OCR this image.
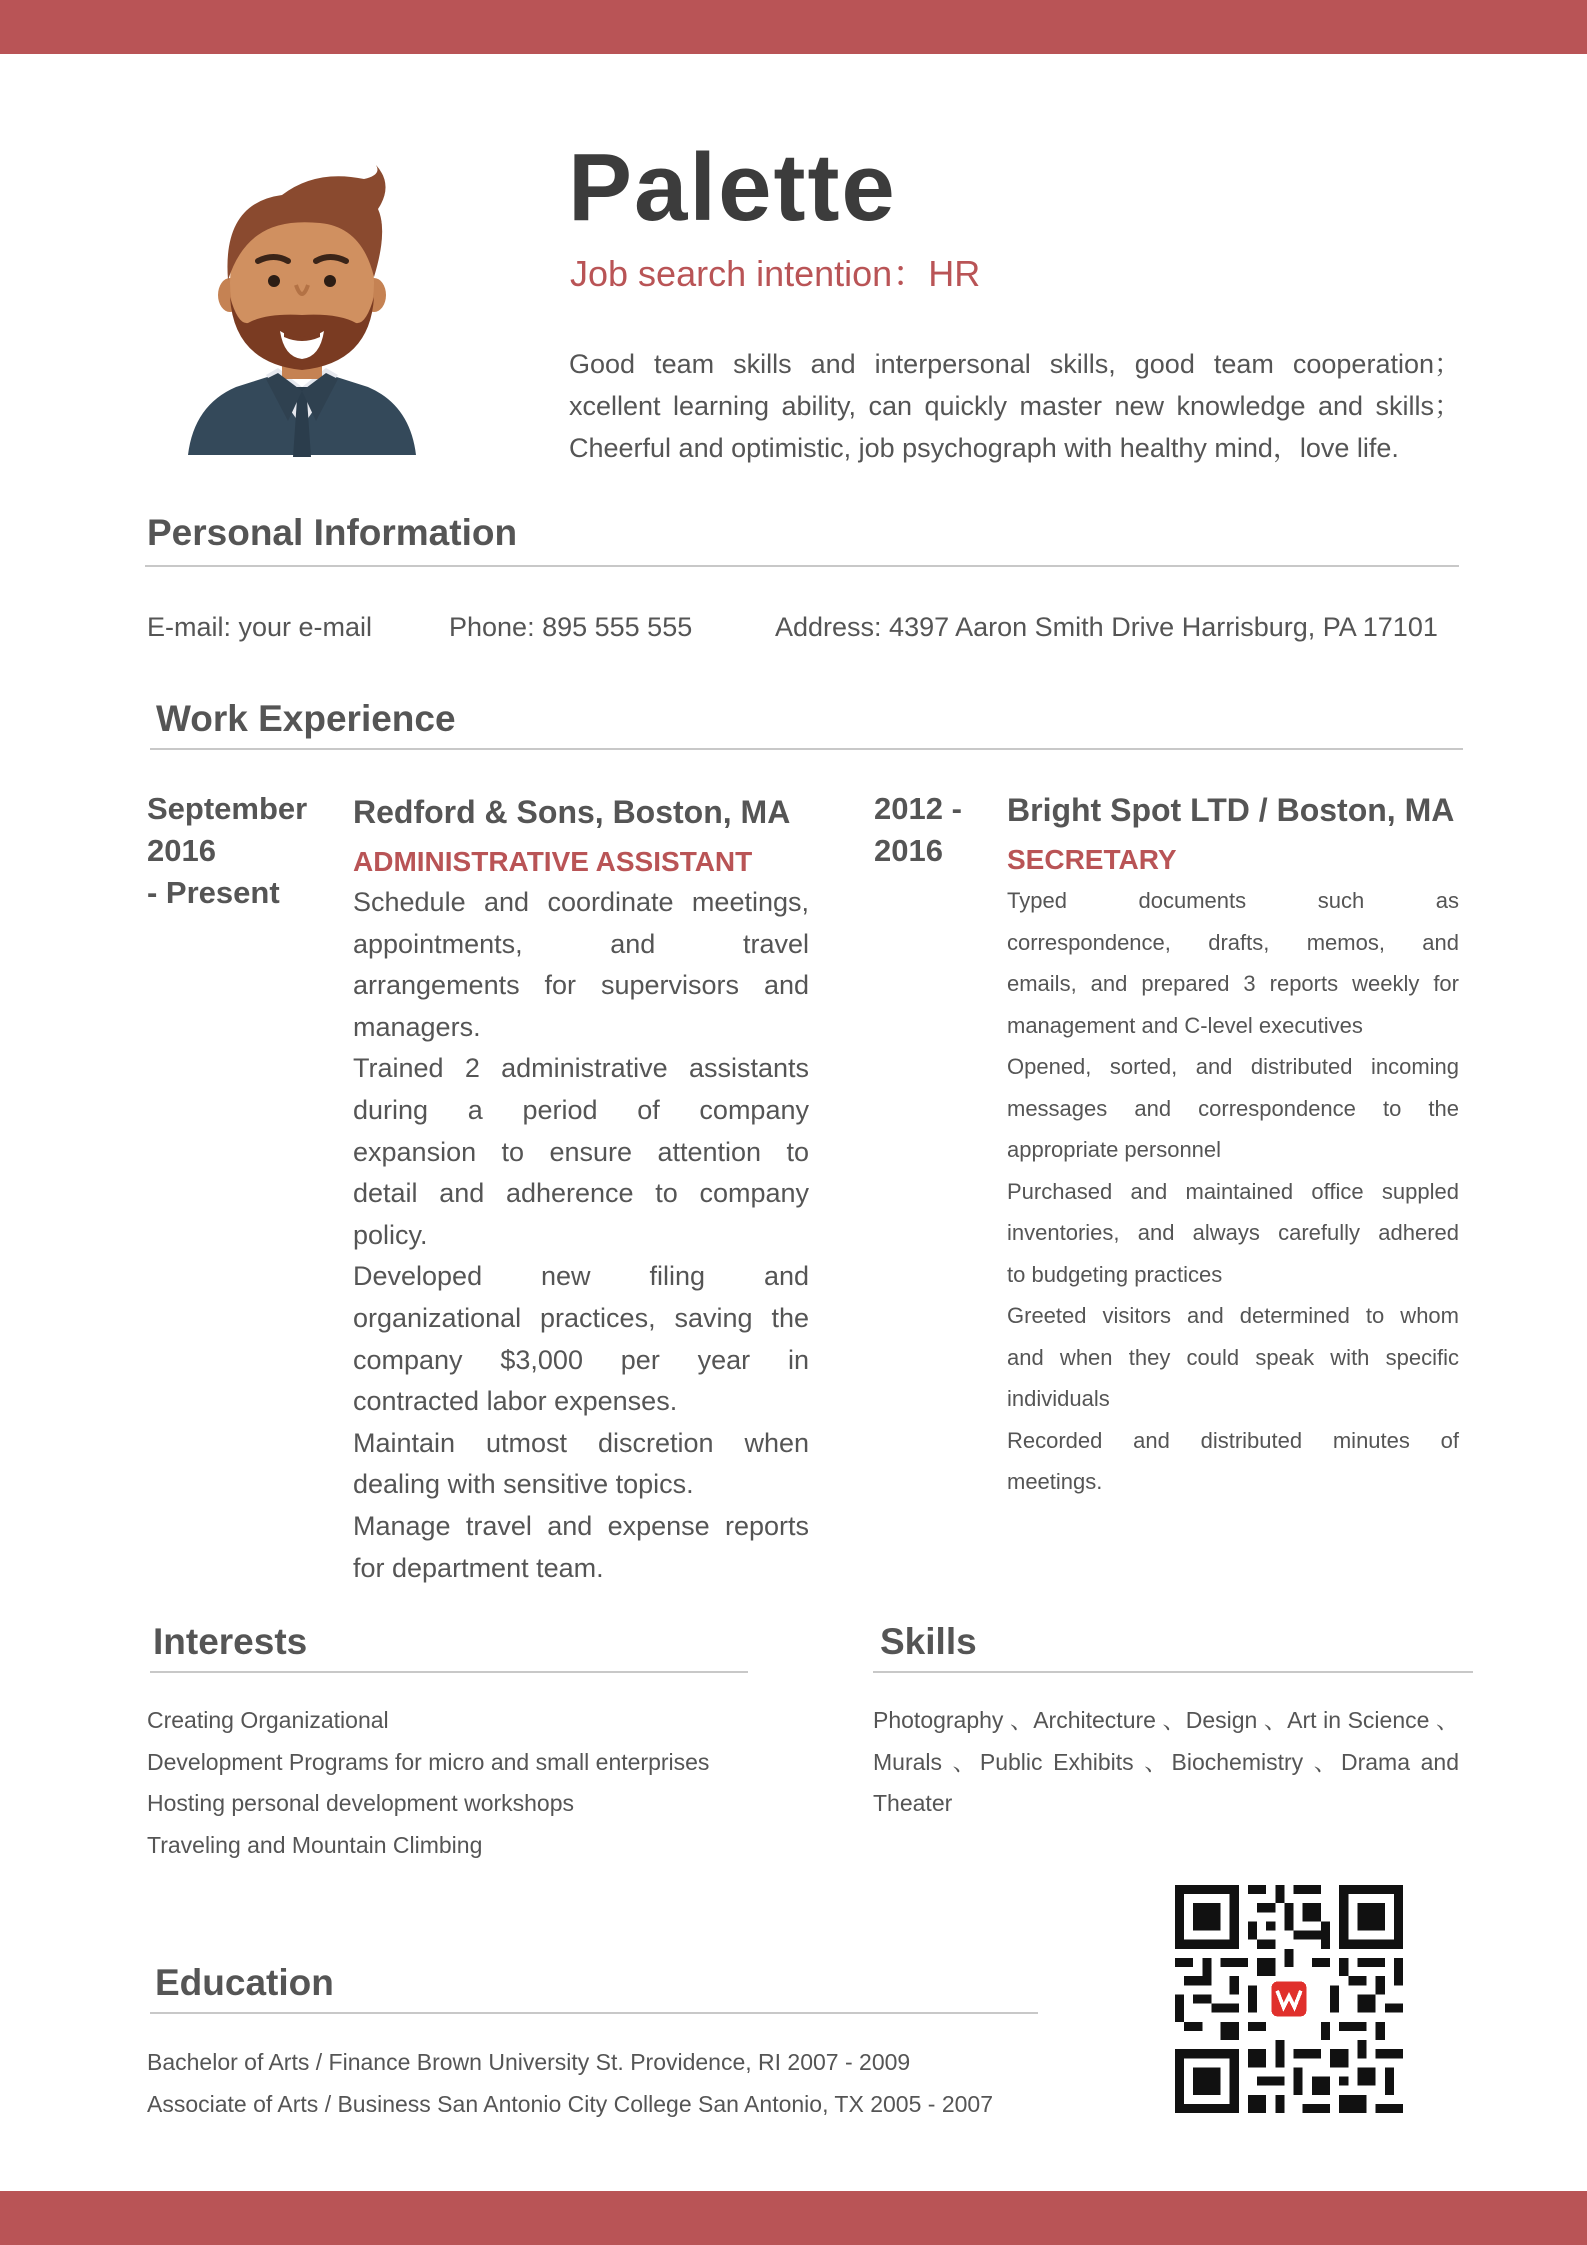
Palette
Job search intention：HR
Good team skills and interpersonal skills, good team cooperation；
xcellent learning ability, can quickly master new knowledge and skills；
Cheerful and optimistic, job psychograph with healthy mind，love life.
Personal Information
E-mail: your e-mail	Phone: 895 555 555	Address: 4397 Aaron Smith Drive Harrisburg, PA 17101
Work Experience
September
2016
- Present
Redford & Sons, Boston, MA
ADMINISTRATIVE ASSISTANT
Schedule and coordinate meetings,
appointments, and travel
arrangements for supervisors and
managers.
Trained 2 administrative assistants
during a period of company
expansion to ensure attention to
detail and adherence to company
policy.
Developed new filing and
organizational practices, saving the
company $3,000 per year in
contracted labor expenses.
Maintain utmost discretion when
dealing with sensitive topics.
Manage travel and expense reports
for department team.
2012 -
2016
Bright Spot LTD / Boston, MA
SECRETARY
Typed documents such as
correspondence, drafts, memos, and
emails, and prepared 3 reports weekly for
management and C-level executives
Opened, sorted, and distributed incoming
messages and correspondence to the
appropriate personnel
Purchased and maintained office suppled
inventories, and always carefully adhered
to budgeting practices
Greeted visitors and determined to whom
and when they could speak with specific
individuals
Recorded and distributed minutes of
meetings.
Interests
Creating Organizational
Development Programs for micro and small enterprises
Hosting personal development workshops
Traveling and Mountain Climbing
Skills
Photography 、Architecture 、Design 、Art in Science 、
Murals 、Public Exhibits 、Biochemistry 、Drama and
Theater
Education
Bachelor of Arts / Finance Brown University St. Providence, RI 2007 - 2009
Associate of Arts / Business San Antonio City College San Antonio, TX 2005 - 2007
